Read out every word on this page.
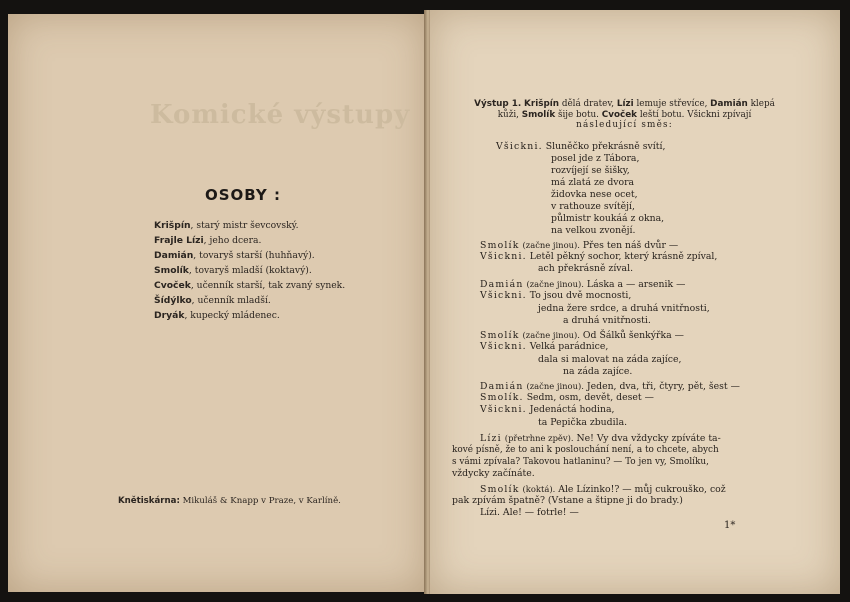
Komické výstupy
OSOBY :
Krišpín, starý mistr ševcovský.
Frajle Lízi, jeho dcera.
Damián, tovaryš starší (huhňavý).
Smolík, tovaryš mladší (koktavý).
Cvoček, učenník starší, tak zvaný synek.
Šídýlko, učenník mladší.
Dryák, kupecký mládenec.
Knětiskárna: Mikuláš & Knapp v Praze, v Karlíně.
Výstup 1. Krišpín dělá dratev, Lízi lemuje střevíce, Damián klepá
kůži, Smolík šije botu. Cvoček leští botu. Všickni zpívají
následující směs:
Všickni. Sluněčko překrásně svítí,
posel jde z Tábora,
rozvíjejí se šišky,
má zlatá ze dvora
židovka nese ocet,
v rathouze svítějí,
půlmistr koukáá z okna,
na velkou zvonějí.
Smolík (začne jinou). Přes ten náš dvůr —
Všickni. Letěl pěkný sochor, který krásně zpíval,
ach překrásně zíval.
Damián (začne jinou). Láska a — arsenik —
Všickni. To jsou dvě mocnosti,
jedna žere srdce, a druhá vnitřnosti,
a druhá vnitřnosti.
Smolík (začne jinou). Od Šálků šenkýřka —
Všickni. Velká parádnice,
dala si malovat na záda zajíce,
na záda zajíce.
Damián (začne jinou). Jeden, dva, tři, čtyry, pět, šest —
Smolík. Sedm, osm, devět, deset —
Všickni. Jedenáctá hodina,
ta Pepička zbudila.
Lízi (přetrhne zpěv). Ne! Vy dva vždycky zpíváte ta-
kové písně, že to ani k poslouchání není, a to chcete, abych
s vámi zpívala? Takovou hatlaninu? — To jen vy, Smolíku,
vždycky začínáte.
Smolík (koktá). Ale Lízinko!? — můj cukrouško, což
pak zpívám špatně? (Vstane a štipne ji do brady.)
Lízi. Ale! — fotrle! —
1*
